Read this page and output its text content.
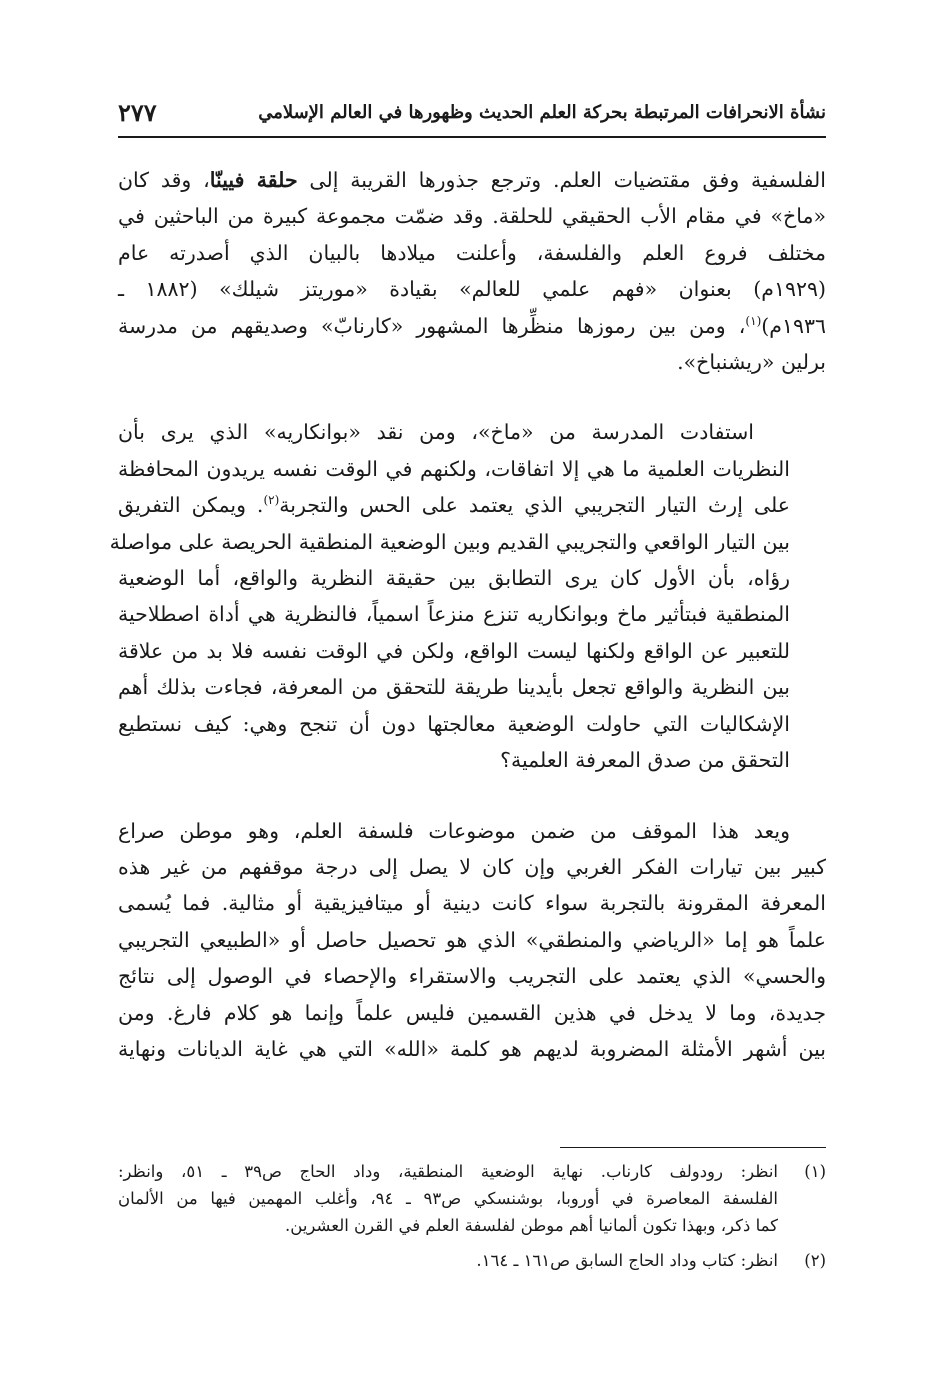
نشأة الانحرافات المرتبطة بحركة العلم الحديث وظهورها في العالم الإسلامي
٢٧٧
الفلسفية وفق مقتضيات العلم. وترجع جذورها القريبة إلى حلقة فيينّا، وقد كان
«ماخ» في مقام الأب الحقيقي للحلقة. وقد ضمّت مجموعة كبيرة من الباحثين في
مختلف فروع العلم والفلسفة، وأعلنت ميلادها بالبيان الذي أصدرته عام
(١٩٢٩م) بعنوان «فهم علمي للعالم» بقيادة «موريتز شيلك» (١٨٨٢ ـ
١٩٣٦م)$^{(١)}$، ومن بين رموزها منظِّرها المشهور «كارنابّ» وصديقهم من مدرسة
برلين «ريشنباخ».
استفادت المدرسة من «ماخ»، ومن نقد «بوانكاريه» الذي يرى بأن
النظريات العلمية ما هي إلا اتفاقات، ولكنهم في الوقت نفسه يريدون المحافظة
على إرث التيار التجريبي الذي يعتمد على الحس والتجربة$^{(٢)}$. ويمكن التفريق
بين التيار الواقعي والتجريبي القديم وبين الوضعية المنطقية الحريصة على مواصلة
رؤاه، بأن الأول كان يرى التطابق بين حقيقة النظرية والواقع، أما الوضعية
المنطقية فبتأثير ماخ وبوانكاريه تنزع منزعاً اسمياً، فالنظرية هي أداة اصطلاحية
للتعبير عن الواقع ولكنها ليست الواقع، ولكن في الوقت نفسه فلا بد من علاقة
بين النظرية والواقع تجعل بأيدينا طريقة للتحقق من المعرفة، فجاءت بذلك أهم
الإشكاليات التي حاولت الوضعية معالجتها دون أن تنجح وهي: كيف نستطيع
التحقق من صدق المعرفة العلمية؟
ويعد هذا الموقف من ضمن موضوعات فلسفة العلم، وهو موطن صراع
كبير بين تيارات الفكر الغربي وإن كان لا يصل إلى درجة موقفهم من غير هذه
المعرفة المقرونة بالتجربة سواء كانت دينية أو ميتافيزيقية أو مثالية. فما يُسمى
علماً هو إما «الرياضي والمنطقي» الذي هو تحصيل حاصل أو «الطبيعي التجريبي
والحسي» الذي يعتمد على التجريب والاستقراء والإحصاء في الوصول إلى نتائج
جديدة، وما لا يدخل في هذين القسمين فليس علماً وإنما هو كلام فارغ. ومن
بين أشهر الأمثلة المضروبة لديهم هو كلمة «الله» التي هي غاية الديانات ونهاية
(١)
انظر: رودولف كارناب. نهاية الوضعية المنطقية، وداد الحاج ص٣٩ ـ ٥١، وانظر:
الفلسفة المعاصرة في أوروبا، بوشنسكي ص٩٣ ـ ٩٤، وأغلب المهمين فيها من الألمان
كما ذكر، وبهذا تكون ألمانيا أهم موطن لفلسفة العلم في القرن العشرين.
(٢)
انظر: كتاب وداد الحاج السابق ص١٦١ ـ ١٦٤.
